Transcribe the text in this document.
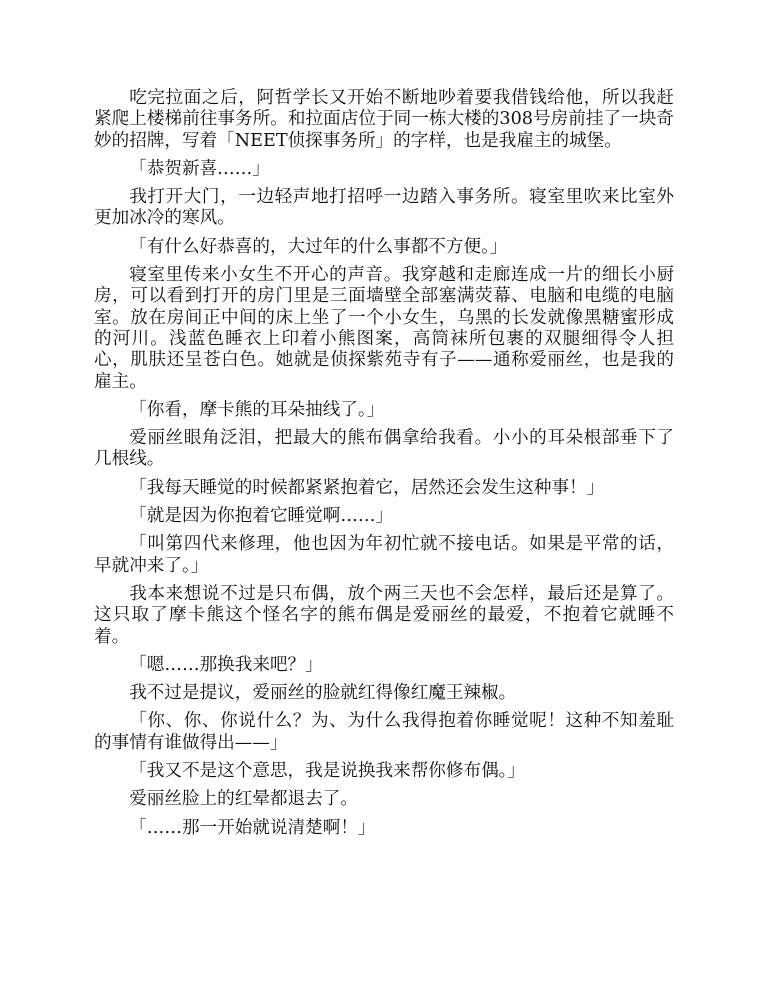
吃完拉面之后，阿哲学长又开始不断地吵着要我借钱给他，所以我赶紧爬上楼梯前往事务所。和拉面店位于同一栋大楼的308号房前挂了一块奇妙的招牌，写着「NEET侦探事务所」的字样，也是我雇主的城堡。

「恭贺新喜……」

我打开大门，一边轻声地打招呼一边踏入事务所。寝室里吹来比室外更加冰冷的寒风。

「有什么好恭喜的，大过年的什么事都不方便。」

寝室里传来小女生不开心的声音。我穿越和走廊连成一片的细长小厨房，可以看到打开的房门里是三面墙壁全部塞满荧幕、电脑和电缆的电脑室。放在房间正中间的床上坐了一个小女生，乌黑的长发就像黑糖蜜形成的河川。浅蓝色睡衣上印着小熊图案，高筒袜所包裹的双腿细得令人担心，肌肤还呈苍白色。她就是侦探紫苑寺有子——通称爱丽丝，也是我的雇主。

「你看，摩卡熊的耳朵抽线了。」

爱丽丝眼角泛泪，把最大的熊布偶拿给我看。小小的耳朵根部垂下了几根线。

「我每天睡觉的时候都紧紧抱着它，居然还会发生这种事！」

「就是因为你抱着它睡觉啊……」

「叫第四代来修理，他也因为年初忙就不接电话。如果是平常的话，早就冲来了。」

我本来想说不过是只布偶，放个两三天也不会怎样，最后还是算了。这只取了摩卡熊这个怪名字的熊布偶是爱丽丝的最爱，不抱着它就睡不着。

「嗯……那换我来吧？」

我不过是提议，爱丽丝的脸就红得像红魔王辣椒。

「你、你、你说什么？为、为什么我得抱着你睡觉呢！这种不知羞耻的事情有谁做得出——」

「我又不是这个意思，我是说换我来帮你修布偶。」

爱丽丝脸上的红晕都退去了。

「……那一开始就说清楚啊！」
